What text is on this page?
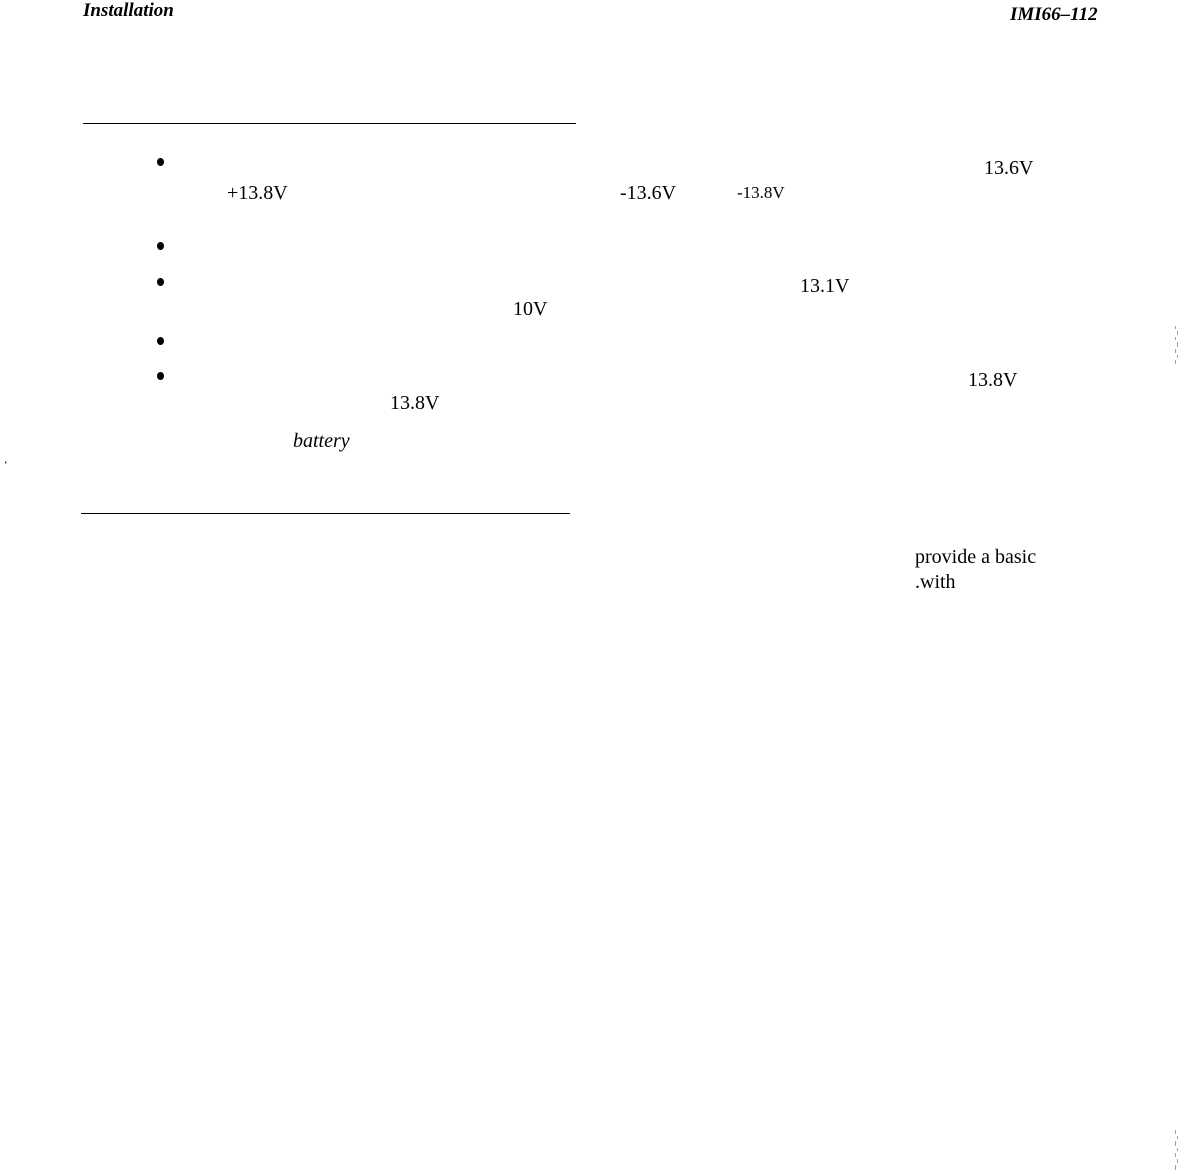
Installation	IMI66–112
13.6V
+13.8V	-13.6V	-13.8V
13.1V
10V
13.8V
13.8V
battery
‘
provide a basic
.with
